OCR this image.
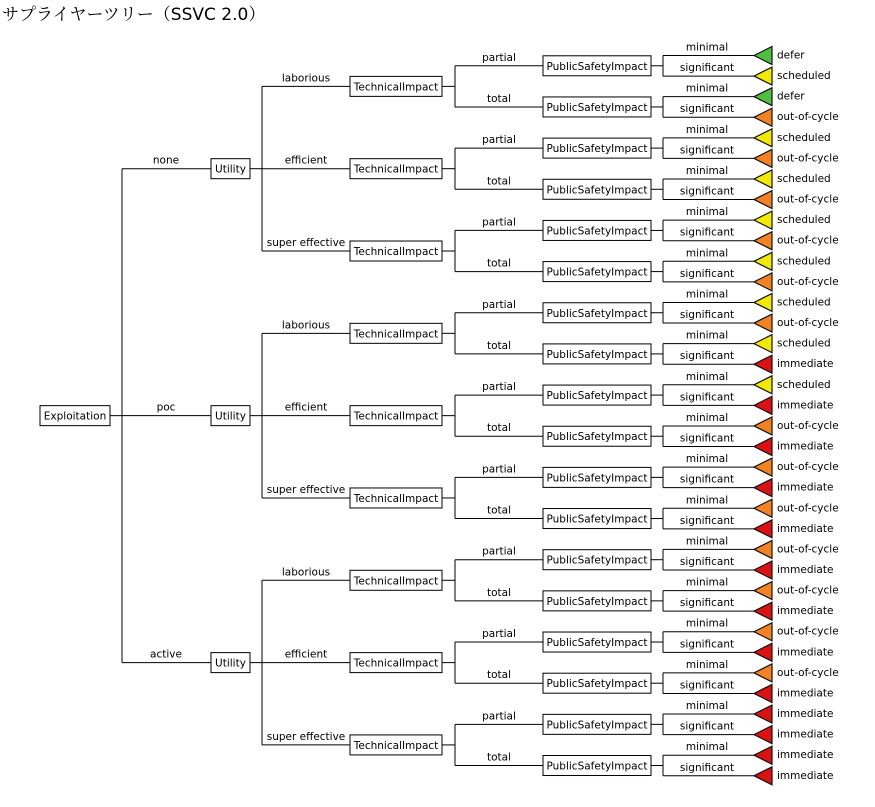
サプライヤーツリー（SSVC 2.0）
PublicSafetyImpact
minimal
defer
significant
scheduled
PublicSafetyImpact
minimal
defer
significant
out-of-cycle
PublicSafetyImpact
minimal
scheduled
significant
out-of-cycle
PublicSafetyImpact
minimal
scheduled
significant
out-of-cycle
PublicSafetyImpact
minimal
scheduled
significant
out-of-cycle
PublicSafetyImpact
minimal
scheduled
significant
out-of-cycle
PublicSafetyImpact
minimal
scheduled
significant
out-of-cycle
PublicSafetyImpact
minimal
scheduled
significant
immediate
PublicSafetyImpact
minimal
scheduled
significant
immediate
PublicSafetyImpact
minimal
out-of-cycle
significant
immediate
PublicSafetyImpact
minimal
out-of-cycle
significant
immediate
PublicSafetyImpact
minimal
out-of-cycle
significant
immediate
PublicSafetyImpact
minimal
out-of-cycle
significant
immediate
PublicSafetyImpact
minimal
out-of-cycle
significant
immediate
PublicSafetyImpact
minimal
out-of-cycle
significant
immediate
PublicSafetyImpact
minimal
out-of-cycle
significant
immediate
PublicSafetyImpact
minimal
immediate
significant
immediate
PublicSafetyImpact
minimal
immediate
significant
immediate
TechnicalImpact
partial
total
TechnicalImpact
partial
total
TechnicalImpact
partial
total
TechnicalImpact
partial
total
TechnicalImpact
partial
total
TechnicalImpact
partial
total
TechnicalImpact
partial
total
TechnicalImpact
partial
total
TechnicalImpact
partial
total
Utility
laborious
efficient
super effective
Utility
laborious
efficient
super effective
Utility
laborious
efficient
super effective
Exploitation
none
poc
active
